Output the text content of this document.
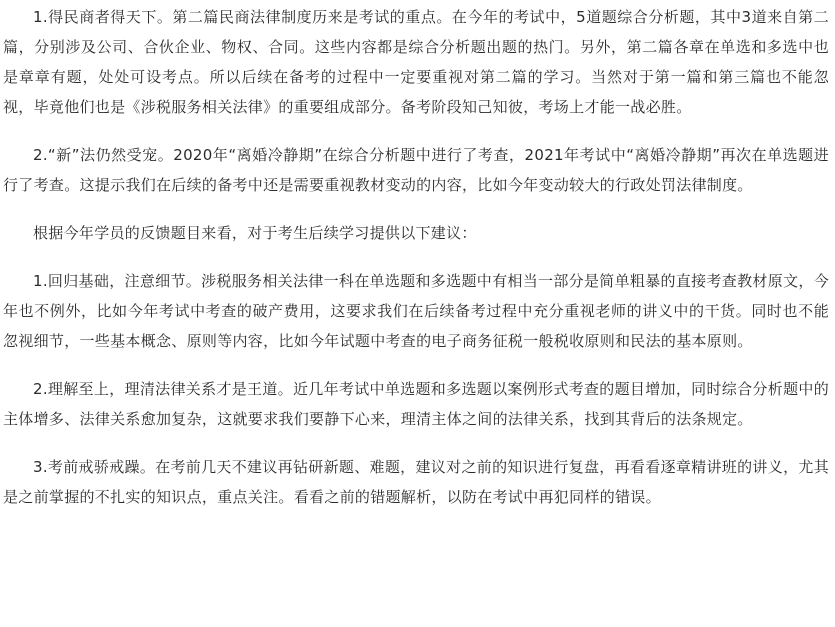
1.得民商者得天下。第二篇民商法律制度历来是考试的重点。在今年的考试中，5道题综合分析题，其中3道来自第二篇，分别涉及公司、合伙企业、物权、合同。这些内容都是综合分析题出题的热门。另外，第二篇各章在单选和多选中也是章章有题，处处可设考点。所以后续在备考的过程中一定要重视对第二篇的学习。当然对于第一篇和第三篇也不能忽视，毕竟他们也是《涉税服务相关法律》的重要组成部分。备考阶段知己知彼，考场上才能一战必胜。

2.“新”法仍然受宠。2020年“离婚冷静期”在综合分析题中进行了考查，2021年考试中“离婚冷静期”再次在单选题进行了考查。这提示我们在后续的备考中还是需要重视教材变动的内容，比如今年变动较大的行政处罚法律制度。

根据今年学员的反馈题目来看，对于考生后续学习提供以下建议：

1.回归基础，注意细节。涉税服务相关法律一科在单选题和多选题中有相当一部分是简单粗暴的直接考查教材原文，今年也不例外，比如今年考试中考查的破产费用，这要求我们在后续备考过程中充分重视老师的讲义中的干货。同时也不能忽视细节，一些基本概念、原则等内容，比如今年试题中考查的电子商务征税一般税收原则和民法的基本原则。

2.理解至上，理清法律关系才是王道。近几年考试中单选题和多选题以案例形式考查的题目增加，同时综合分析题中的主体增多、法律关系愈加复杂，这就要求我们要静下心来，理清主体之间的法律关系，找到其背后的法条规定。

3.考前戒骄戒躁。在考前几天不建议再钻研新题、难题，建议对之前的知识进行复盘，再看看逐章精讲班的讲义，尤其是之前掌握的不扎实的知识点，重点关注。看看之前的错题解析，以防在考试中再犯同样的错误。
